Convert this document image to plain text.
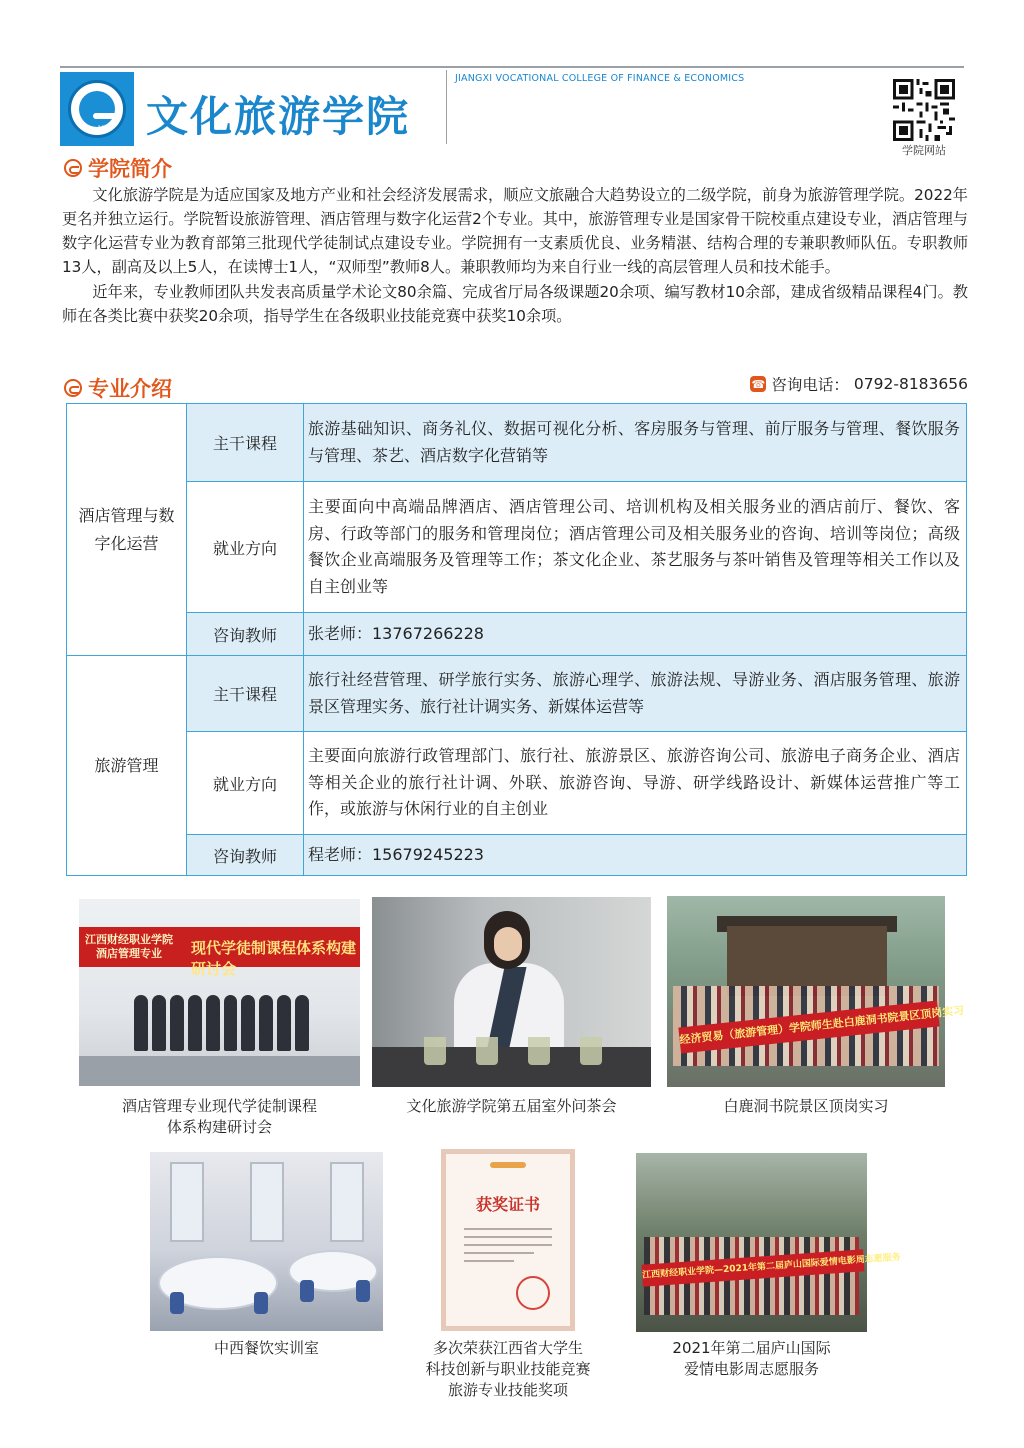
1960 文化旅游学院
JIANGXI VOCATIONAL COLLEGE OF FINANCE & ECONOMICS
学院网站
学院简介

文化旅游学院是为适应国家及地方产业和社会经济发展需求，顺应文旅融合大趋势设立的二级学院，前身为旅游管理学院。2022年更名并独立运行。学院暂设旅游管理、酒店管理与数字化运营2个专业。其中，旅游管理专业是国家骨干院校重点建设专业，酒店管理与数字化运营专业为教育部第三批现代学徒制试点建设专业。学院拥有一支素质优良、业务精湛、结构合理的专兼职教师队伍。专职教师13人，副高及以上5人，在读博士1人，“双师型”教师8人。兼职教师均为来自行业一线的高层管理人员和技术能手。

近年来，专业教师团队共发表高质量学术论文80余篇、完成省厅局各级课题20余项、编写教材10余部，建成省级精品课程4门。教师在各类比赛中获奖20余项，指导学生在各级职业技能竞赛中获奖10余项。

专业介绍	☎ 咨询电话： 0792-8183656
酒店管理与数字化运营	主干课程	旅游基础知识、商务礼仪、数据可视化分析、客房服务与管理、前厅服务与管理、餐饮服务与管理、茶艺、酒店数字化营销等
	就业方向	主要面向中高端品牌酒店、酒店管理公司、培训机构及相关服务业的酒店前厅、餐饮、客房、行政等部门的服务和管理岗位；酒店管理公司及相关服务业的咨询、培训等岗位；高级餐饮企业高端服务及管理等工作；茶文化企业、茶艺服务与茶叶销售及管理等相关工作以及自主创业等
	咨询教师	张老师：13767266228
旅游管理	主干课程	旅行社经营管理、研学旅行实务、旅游心理学、旅游法规、导游业务、酒店服务管理、旅游景区管理实务、旅行社计调实务、新媒体运营等
	就业方向	主要面向旅游行政管理部门、旅行社、旅游景区、旅游咨询公司、旅游电子商务企业、酒店等相关企业的旅行社计调、外联、旅游咨询、导游、研学线路设计、新媒体运营推广等工作，或旅游与休闲行业的自主创业
	咨询教师	程老师：15679245223
江西财经职业学院
酒店管理专业	现代学徒制课程体系构建研讨会
酒店管理专业现代学徒制课程
体系构建研讨会
文化旅游学院第五届室外问茶会
经济贸易（旅游管理）学院师生赴白鹿洞书院景区顶岗实习
白鹿洞书院景区顶岗实习
中西餐饮实训室
获奖证书
多次荣获江西省大学生
科技创新与职业技能竞赛
旅游专业技能奖项
江西财经职业学院—2021年第二届庐山国际爱情电影周志愿服务
2021年第二届庐山国际
爱情电影周志愿服务
